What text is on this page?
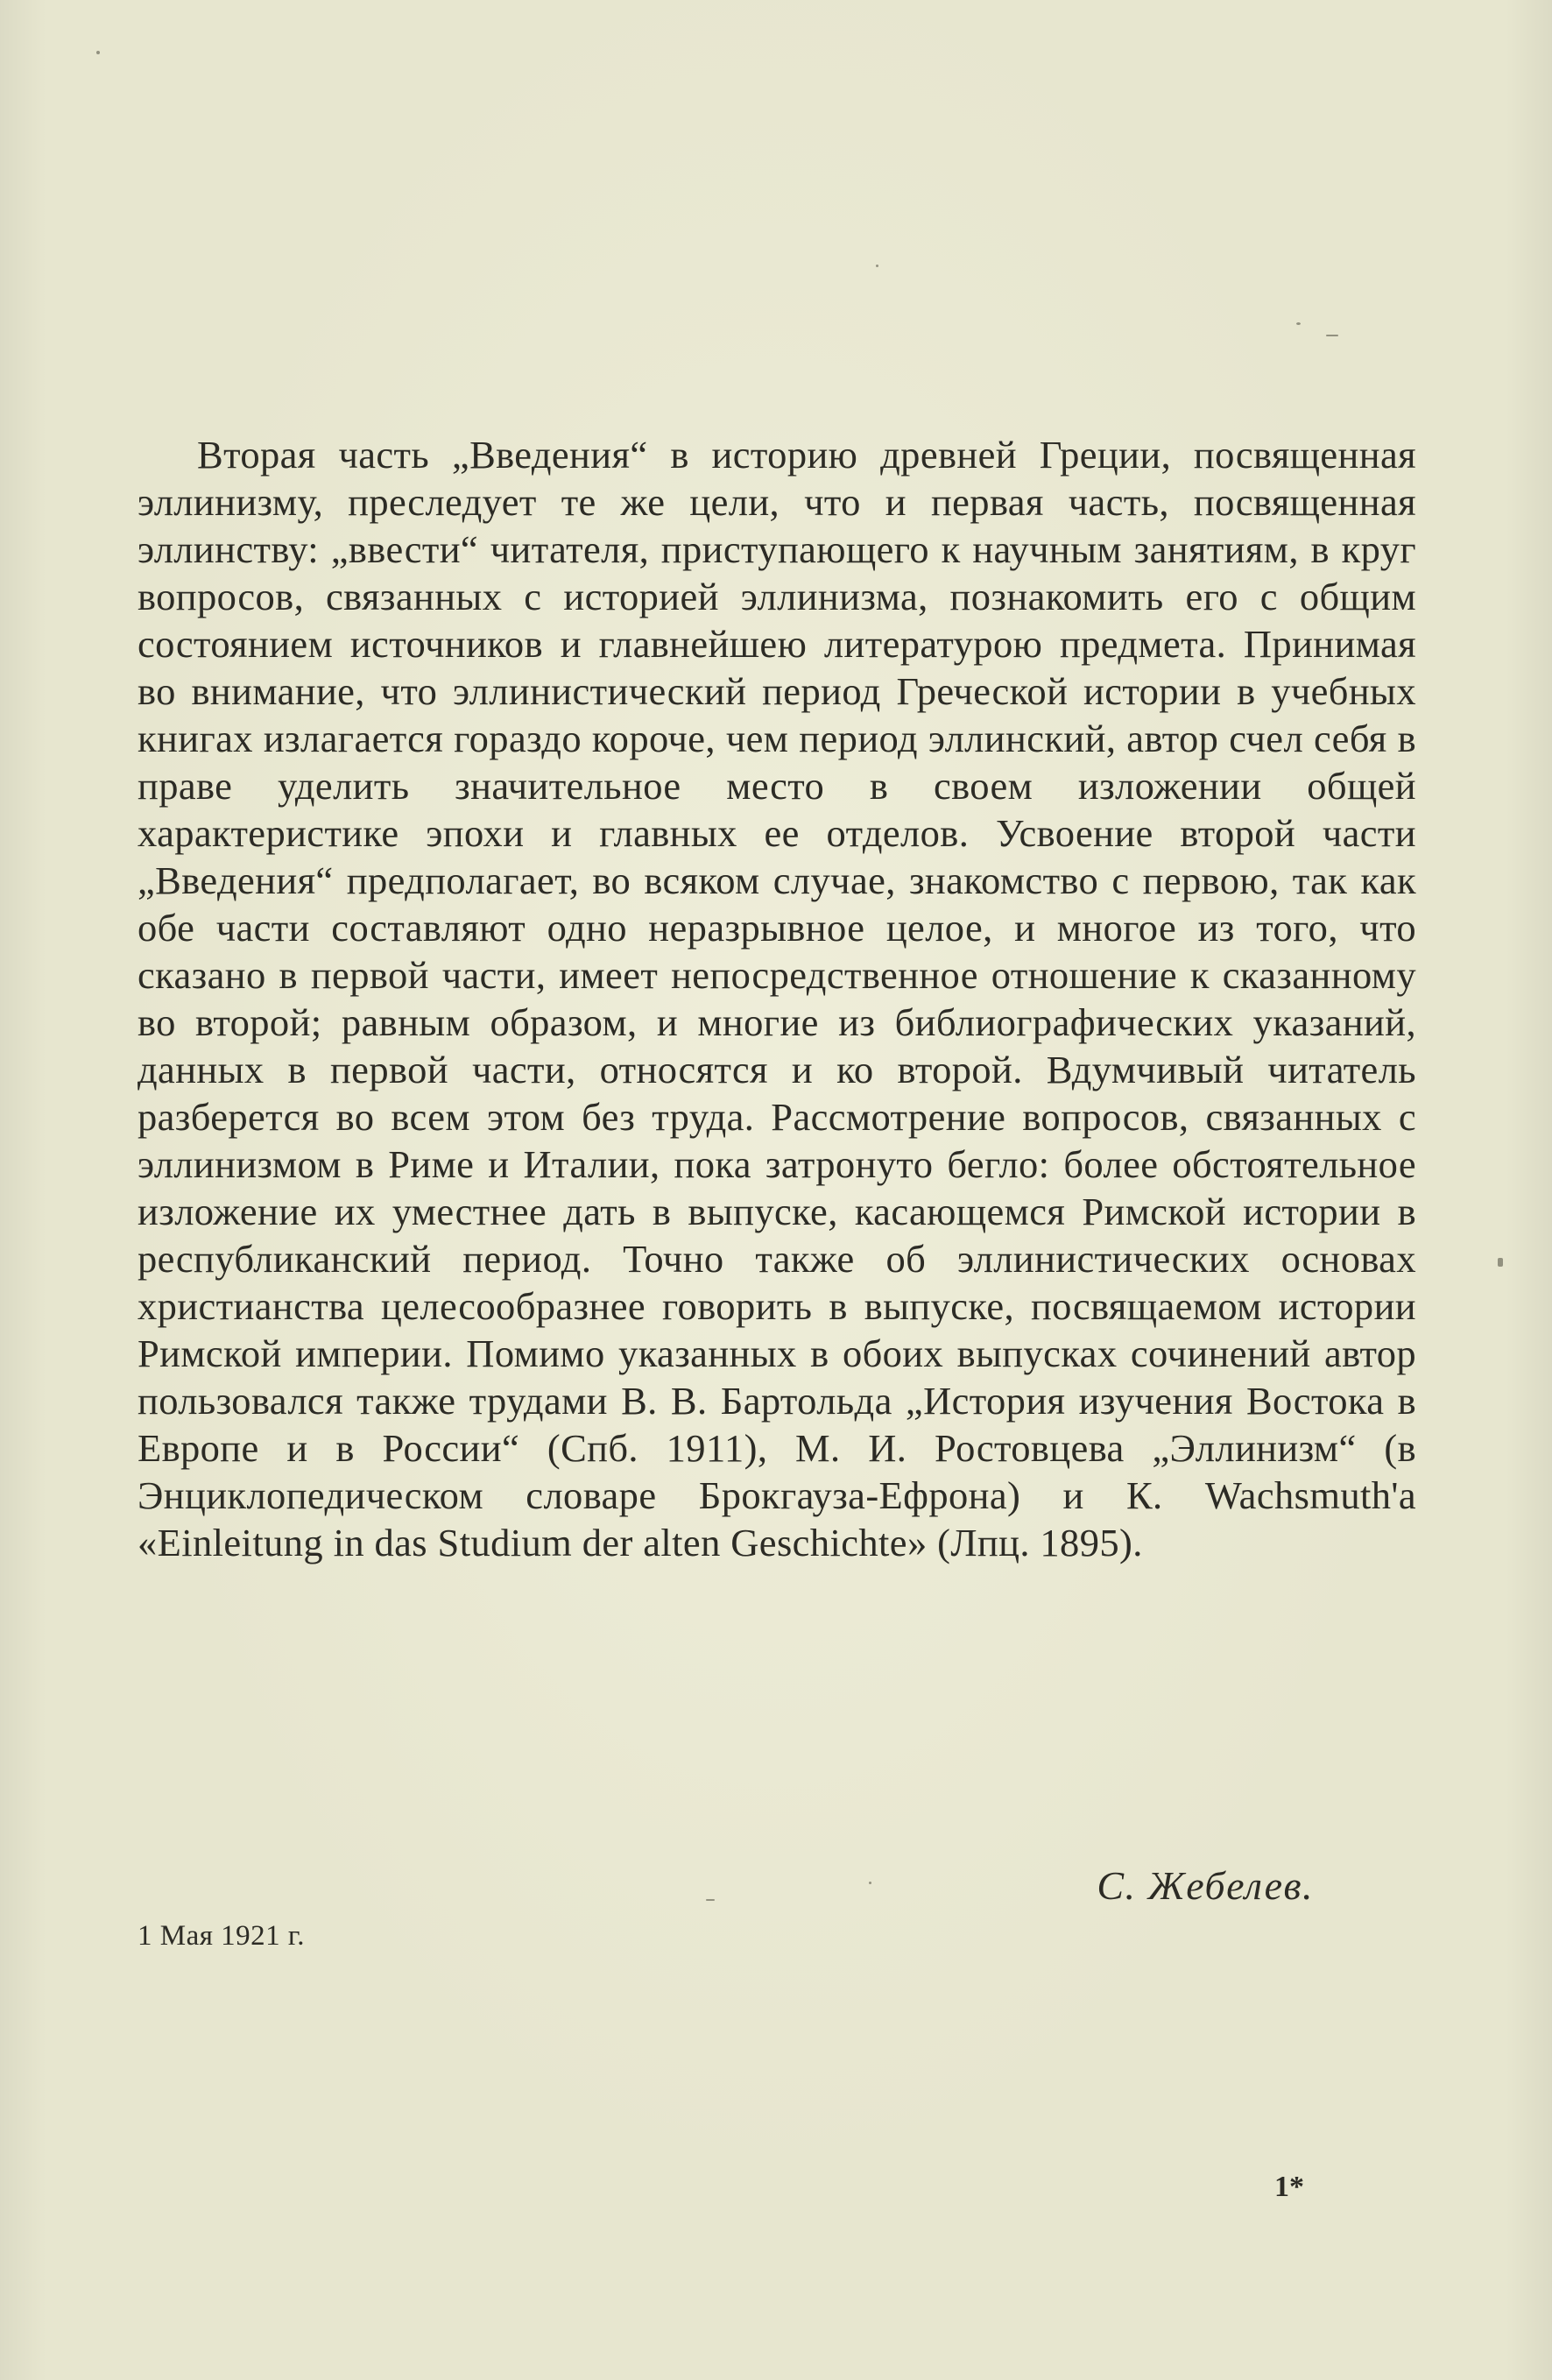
Вторая часть „Введения“ в историю древней Греции, посвященная эллинизму, преследует те же цели, что и первая часть, посвященная эллинству: „ввести“ читателя, приступающего к научным занятиям, в круг вопросов, связанных с историей эллинизма, познакомить его с общим состоянием источников и главнейшею литературою предмета. Принимая во внимание, что эллинистический период Греческой истории в учебных книгах излагается гораздо короче, чем период эллинский, автор счел себя в праве уделить значительное место в своем изложении общей характеристике эпохи и главных ее отделов. Усвоение второй части „Введения“ предполагает, во всяком случае, знакомство с первою, так как обе части составляют одно неразрывное целое, и многое из того, что сказано в первой части, имеет непосредственное отношение к сказанному во второй; равным образом, и многие из библиографических указаний, данных в первой части, относятся и ко второй. Вдумчивый читатель разберется во всем этом без труда. Рассмотрение вопросов, связанных с эллинизмом в Риме и Италии, пока затронуто бегло: более обстоятельное изложение их уместнее дать в выпуске, касающемся Римской истории в республиканский период. Точно также об эллинистических основах христианства целесообразнее говорить в выпуске, посвящаемом истории Римской империи. Помимо указанных в обоих выпусках сочинений автор пользовался также трудами В. В. Бартольда „История изучения Востока в Европе и в России“ (Спб. 1911), М. И. Ростовцева „Эллинизм“ (в Энциклопедическом словаре Брокгауза-Ефрона) и К. Wachsmuth'a «Einleitung in das Studium der alten Geschichte» (Лпц. 1895).

С. Жебелев.

1 Мая 1921 г.

1*
